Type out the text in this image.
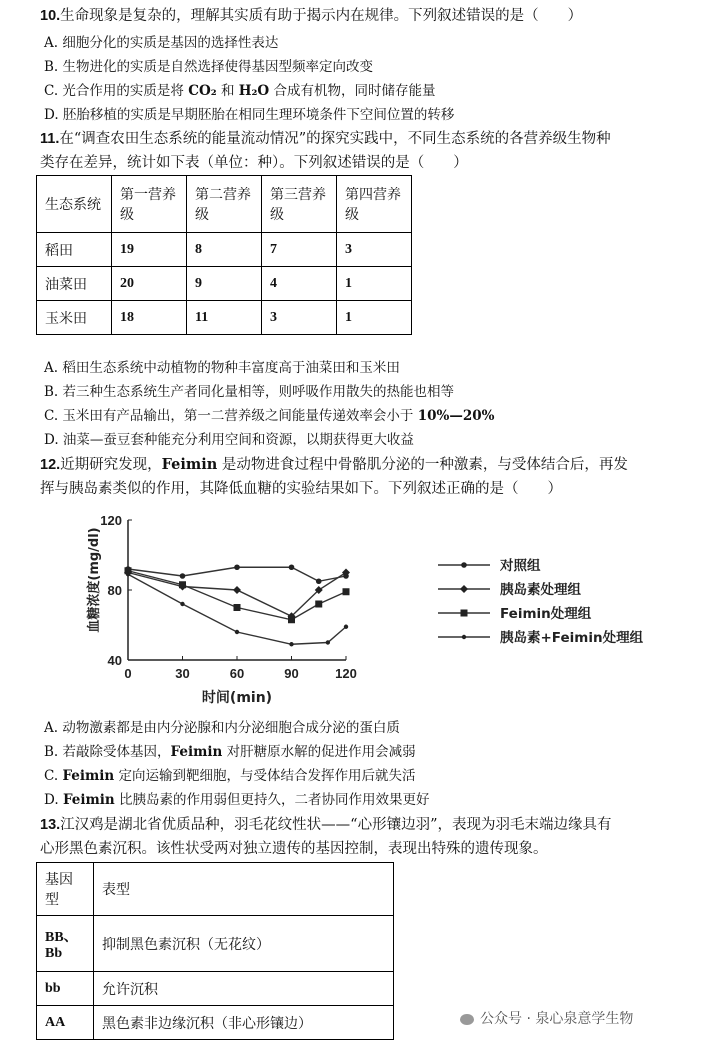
10.生命现象是复杂的，理解其实质有助于揭示内在规律。下列叙述错误的是（　　）
A. 细胞分化的实质是基因的选择性表达
B. 生物进化的实质是自然选择使得基因型频率定向改变
C. 光合作用的实质是将 CO₂ 和 H₂O 合成有机物，同时储存能量
D. 胚胎移植的实质是早期胚胎在相同生理环境条件下空间位置的转移
11.在“调查农田生态系统的能量流动情况”的探究实践中，不同生态系统的各营养级生物种
类存在差异，统计如下表（单位：种）。下列叙述错误的是（　　）
生态系统	第一营养级	第二营养级	第三营养级	第四营养级
稻田	19	8	7	3
油菜田	20	9	4	1
玉米田	18	11	3	1
A. 稻田生态系统中动植物的物种丰富度高于油菜田和玉米田
B. 若三种生态系统生产者同化量相等，则呼吸作用散失的热能也相等
C. 玉米田有产品输出，第一二营养级之间能量传递效率会小于 10%—20%
D. 油菜—蚕豆套种能充分利用空间和资源，以期获得更大收益
12.近期研究发现，Feimin 是动物进食过程中骨骼肌分泌的一种激素，与受体结合后，再发
挥与胰岛素类似的作用，其降低血糖的实验结果如下。下列叙述正确的是（　　）
0	30	60	90	120
40
80
120
时间(min)
血糖浓度(mg/dl)	对照组
胰岛素处理组
Feimin处理组
胰岛素+Feimin处理组
A. 动物激素都是由内分泌腺和内分泌细胞合成分泌的蛋白质
B. 若敲除受体基因，Feimin 对肝糖原水解的促进作用会减弱
C. Feimin 定向运输到靶细胞，与受体结合发挥作用后就失活
D. Feimin 比胰岛素的作用弱但更持久，二者协同作用效果更好
13.江汉鸡是湖北省优质品种，羽毛花纹性状——“心形镶边羽”，表现为羽毛末端边缘具有
心形黑色素沉积。该性状受两对独立遗传的基因控制，表现出特殊的遗传现象。
基因型	表型
BB、Bb	抑制黑色素沉积（无花纹）
bb	允许沉积
AA	黑色素非边缘沉积（非心形镶边）	公众号 · 泉心泉意学生物
